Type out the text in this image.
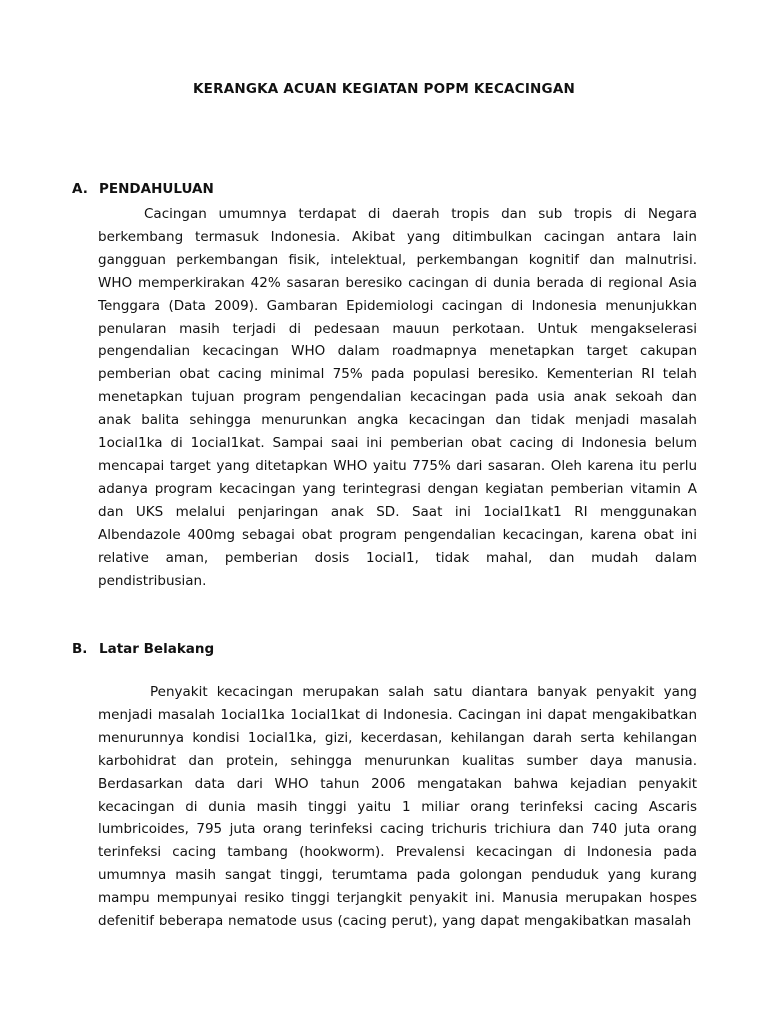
KERANGKA ACUAN KEGIATAN POPM KECACINGAN
A. PENDAHULUAN

Cacingan umumnya terdapat di daerah tropis dan sub tropis di Negara berkembang termasuk Indonesia. Akibat yang ditimbulkan cacingan antara lain gangguan perkembangan fisik, intelektual, perkembangan kognitif dan malnutrisi. WHO memperkirakan 42% sasaran beresiko cacingan di dunia berada di regional Asia Tenggara (Data 2009). Gambaran Epidemiologi cacingan di Indonesia menunjukkan penularan masih terjadi di pedesaan mauun perkotaan. Untuk mengakselerasi pengendalian kecacingan WHO dalam roadmapnya menetapkan target cakupan pemberian obat cacing minimal 75% pada populasi beresiko. Kementerian RI telah menetapkan tujuan program pengendalian kecacingan pada usia anak sekoah dan anak balita sehingga menurunkan angka kecacingan dan tidak menjadi masalah 1ocial1ka di 1ocial1kat. Sampai saai ini pemberian obat cacing di Indonesia belum mencapai target yang ditetapkan WHO yaitu 775% dari sasaran. Oleh karena itu perlu adanya program kecacingan yang terintegrasi dengan kegiatan pemberian vitamin A dan UKS melalui penjaringan anak SD. Saat ini 1ocial1kat1 RI menggunakan Albendazole 400mg sebagai obat program pengendalian kecacingan, karena obat ini relative aman, pemberian dosis 1ocial1, tidak mahal, dan mudah dalam pendistribusian.

B. Latar Belakang

Penyakit kecacingan merupakan salah satu diantara banyak penyakit yang menjadi masalah 1ocial1ka 1ocial1kat di Indonesia. Cacingan ini dapat mengakibatkan menurunnya kondisi 1ocial1ka, gizi, kecerdasan, kehilangan darah serta kehilangan karbohidrat dan protein, sehingga menurunkan kualitas sumber daya manusia. Berdasarkan data dari WHO tahun 2006 mengatakan bahwa kejadian penyakit kecacingan di dunia masih tinggi yaitu 1 miliar orang terinfeksi cacing Ascaris lumbricoides, 795 juta orang terinfeksi cacing trichuris trichiura dan 740 juta orang terinfeksi cacing tambang (hookworm). Prevalensi kecacingan di Indonesia pada umumnya masih sangat tinggi, terumtama pada golongan penduduk yang kurang mampu mempunyai resiko tinggi terjangkit penyakit ini. Manusia merupakan hospes defenitif beberapa nematode usus (cacing perut), yang dapat mengakibatkan masalah
